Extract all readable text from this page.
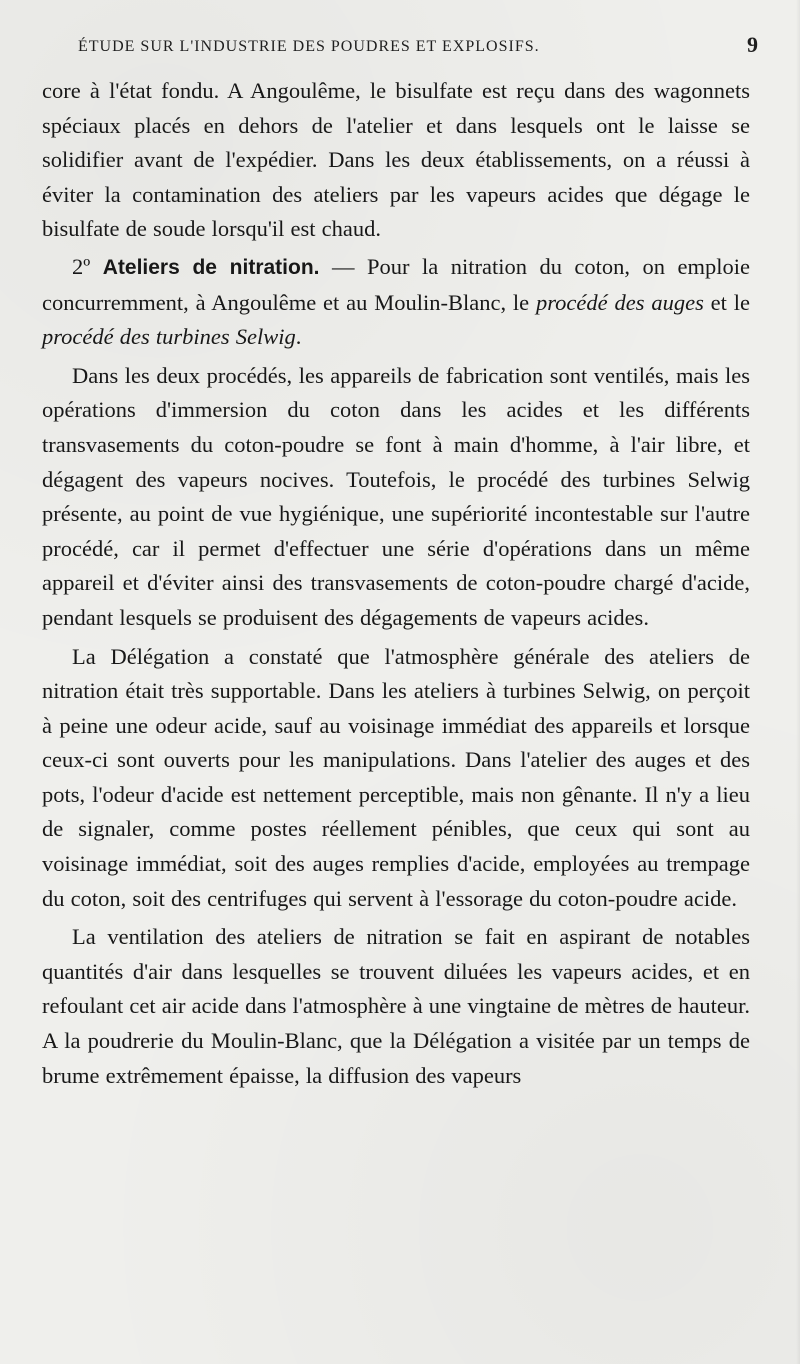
ÉTUDE SUR L'INDUSTRIE DES POUDRES ET EXPLOSIFS.	9

core à l'état fondu. A Angoulême, le bisulfate est reçu dans des wagonnets spéciaux placés en dehors de l'atelier et dans lesquels ont le laisse se solidifier avant de l'expédier. Dans les deux établissements, on a réussi à éviter la contamination des ateliers par les vapeurs acides que dégage le bisulfate de soude lorsqu'il est chaud.

2º Ateliers de nitration. — Pour la nitration du coton, on emploie concurremment, à Angoulême et au Moulin-Blanc, le procédé des auges et le procédé des turbines Selwig.

Dans les deux procédés, les appareils de fabrication sont ventilés, mais les opérations d'immersion du coton dans les acides et les différents transvasements du coton-poudre se font à main d'homme, à l'air libre, et dégagent des vapeurs nocives. Toutefois, le procédé des turbines Selwig présente, au point de vue hygiénique, une supériorité incontestable sur l'autre procédé, car il permet d'effectuer une série d'opérations dans un même appareil et d'éviter ainsi des transvasements de coton-poudre chargé d'acide, pendant lesquels se produisent des dégagements de vapeurs acides.

La Délégation a constaté que l'atmosphère générale des ateliers de nitration était très supportable. Dans les ateliers à turbines Selwig, on perçoit à peine une odeur acide, sauf au voisinage immédiat des appareils et lorsque ceux-ci sont ouverts pour les manipulations. Dans l'atelier des auges et des pots, l'odeur d'acide est nettement perceptible, mais non gênante. Il n'y a lieu de signaler, comme postes réellement pénibles, que ceux qui sont au voisinage immédiat, soit des auges remplies d'acide, employées au trempage du coton, soit des centrifuges qui servent à l'essorage du coton-poudre acide.

La ventilation des ateliers de nitration se fait en aspirant de notables quantités d'air dans lesquelles se trouvent diluées les vapeurs acides, et en refoulant cet air acide dans l'atmosphère à une vingtaine de mètres de hauteur. A la poudrerie du Moulin-Blanc, que la Délégation a visitée par un temps de brume extrêmement épaisse, la diffusion des vapeurs
